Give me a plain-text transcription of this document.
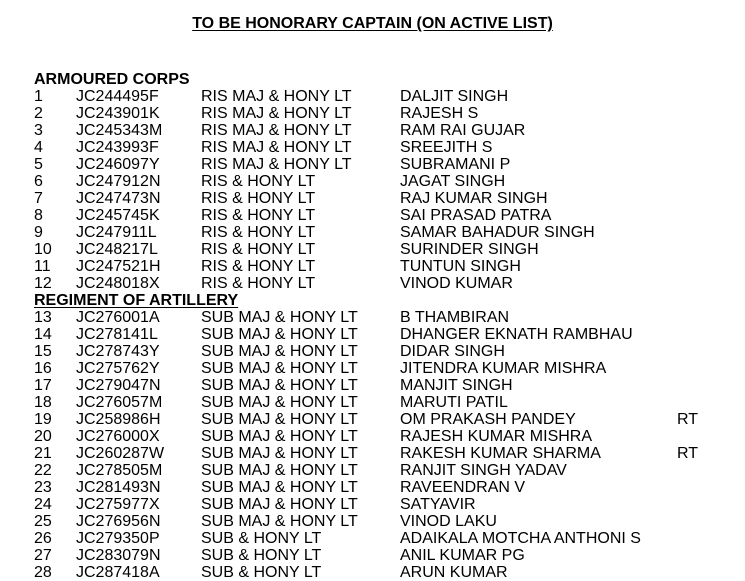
TO BE HONORARY CAPTAIN (ON ACTIVE LIST)
ARMOURED CORPS
1 JC244495F	RIS MAJ & HONY LT	DALJIT SINGH
2 JC243901K	RIS MAJ & HONY LT	RAJESH S
3 JC245343M RIS MAJ & HONY LT	RAM RAI GUJAR
4 JC243993F	RIS MAJ & HONY LT	SREEJITH S
5 JC246097Y	RIS MAJ & HONY LT	SUBRAMANI P
6 JC247912N	RIS & HONY LT	JAGAT SINGH
7 JC247473N	RIS & HONY LT	RAJ KUMAR SINGH
8 JC245745K	RIS & HONY LT	SAI PRASAD PATRA
9 JC247911L	RIS & HONY LT	SAMAR BAHADUR SINGH
10 JC248217L	RIS & HONY LT	SURINDER SINGH
11 JC247521H	RIS & HONY LT	TUNTUN SINGH
12 JC248018X	RIS & HONY LT	VINOD KUMAR
REGIMENT OF ARTILLERY
13 JC276001A	SUB MAJ & HONY LT	B THAMBIRAN
14 JC278141L	SUB MAJ & HONY LT	DHANGER EKNATH RAMBHAU
15 JC278743Y	SUB MAJ & HONY LT	DIDAR SINGH
16 JC275762Y	SUB MAJ & HONY LT	JITENDRA KUMAR MISHRA
17 JC279047N	SUB MAJ & HONY LT	MANJIT SINGH
18 JC276057M SUB MAJ & HONY LT	MARUTI PATIL
19 JC258986H	SUB MAJ & HONY LT	OM PRAKASH PANDEY	RT
20 JC276000X	SUB MAJ & HONY LT	RAJESH KUMAR MISHRA
21 JC260287W SUB MAJ & HONY LT	RAKESH KUMAR SHARMA	RT
22 JC278505M SUB MAJ & HONY LT	RANJIT SINGH YADAV
23 JC281493N	SUB MAJ & HONY LT	RAVEENDRAN V
24 JC275977X	SUB MAJ & HONY LT	SATYAVIR
25 JC276956N	SUB MAJ & HONY LT	VINOD LAKU
26 JC279350P	SUB & HONY LT	ADAIKALA MOTCHA ANTHONI S
27 JC283079N	SUB & HONY LT	ANIL KUMAR PG
28 JC287418A	SUB & HONY LT	ARUN KUMAR
